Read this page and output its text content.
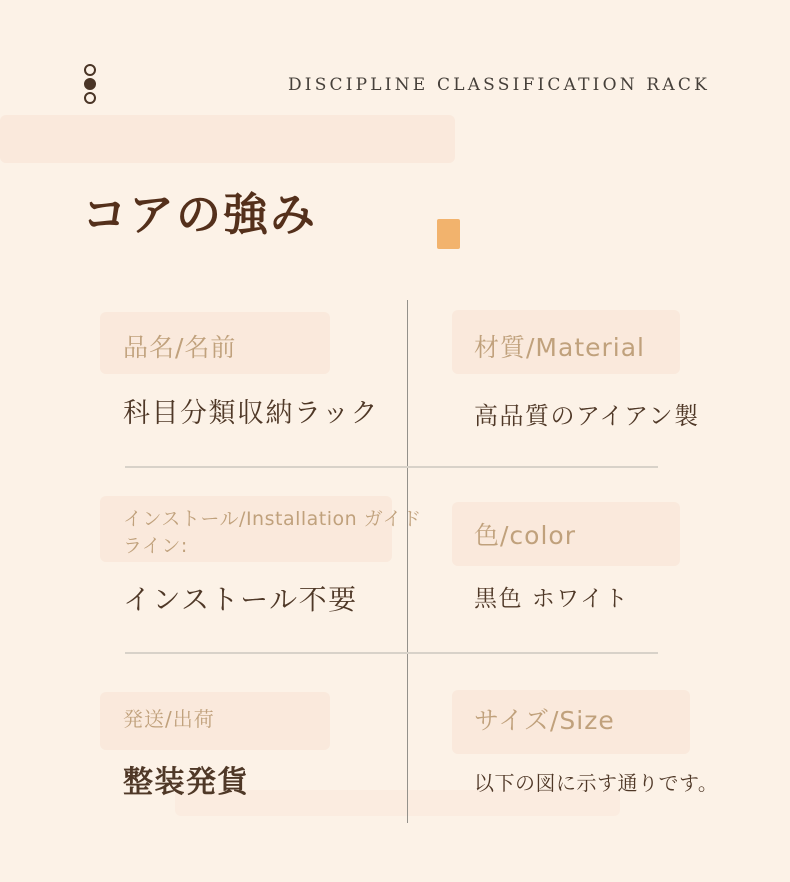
DISCIPLINE CLASSIFICATION RACK
コアの強み
品名/名前
科目分類収納ラック
材質/Material
高品質のアイアン製
インストール/Installation ガイドライン:
インストール不要
色/color
黒色 ホワイト
発送/出荷
整装発貨
サイズ/Size
以下の図に示す通りです。
